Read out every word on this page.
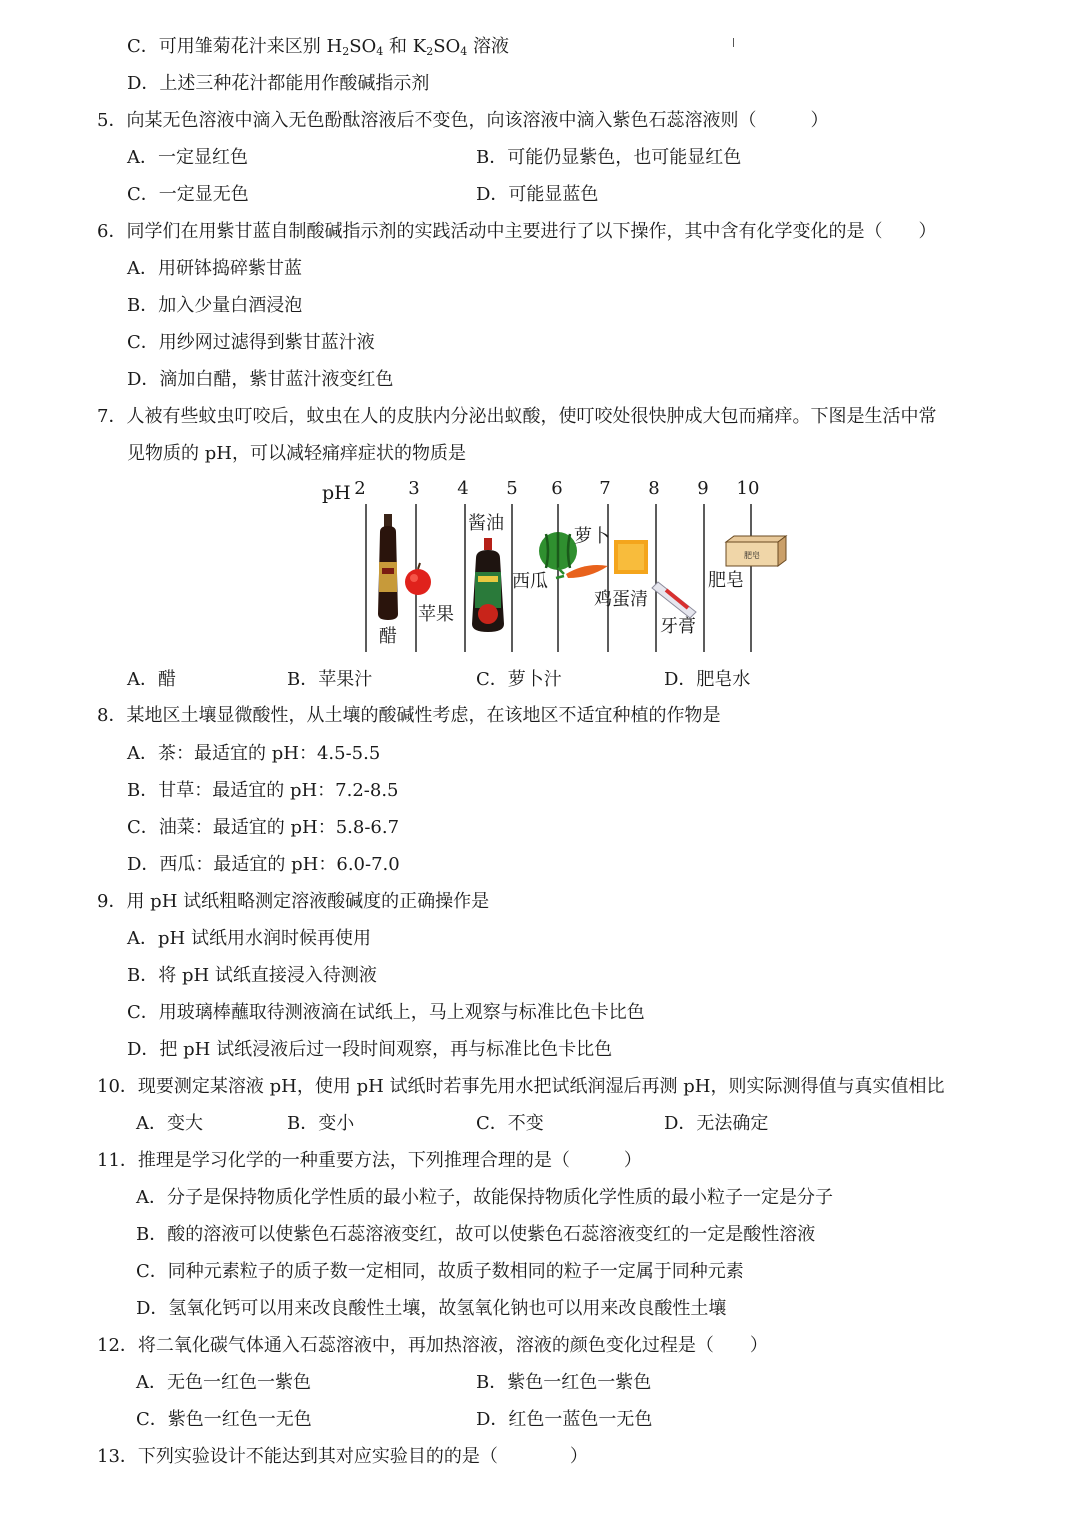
C．可用雏菊花汁来区别 $H_2SO_4$ 和 $K_2SO_4$ 溶液
D．上述三种花汁都能用作酸碱指示剂
5．向某无色溶液中滴入无色酚酞溶液后不变色，向该溶液中滴入紫色石蕊溶液则（　　　）
A．一定显红色	B．可能仍显紫色，也可能显红色
C．一定显无色	D．可能显蓝色
6．同学们在用紫甘蓝自制酸碱指示剂的实践活动中主要进行了以下操作，其中含有化学变化的是（　　）
A．用研钵捣碎紫甘蓝
B．加入少量白酒浸泡
C．用纱网过滤得到紫甘蓝汁液
D．滴加白醋，紫甘蓝汁液变红色
7．人被有些蚊虫叮咬后，蚊虫在人的皮肤内分泌出蚁酸，使叮咬处很快肿成大包而痛痒。下图是生活中常
见物质的 pH，可以减轻痛痒症状的物质是
pH 2 3 4 5 6 7 8 9 10
醋
苹果
酱油
西瓜
萝卜
鸡蛋清
牙膏
肥皂
肥皂
A．醋	B．苹果汁	C．萝卜汁	D．肥皂水
8．某地区土壤显微酸性，从土壤的酸碱性考虑，在该地区不适宜种植的作物是
A．茶：最适宜的 pH：4.5-5.5
B．甘草：最适宜的 pH：7.2-8.5
C．油菜：最适宜的 pH：5.8-6.7
D．西瓜：最适宜的 pH：6.0-7.0
9．用 pH 试纸粗略测定溶液酸碱度的正确操作是
A．pH 试纸用水润时候再使用
B．将 pH 试纸直接浸入待测液
C．用玻璃棒蘸取待测液滴在试纸上，马上观察与标准比色卡比色
D．把 pH 试纸浸液后过一段时间观察，再与标准比色卡比色
10．现要测定某溶液 pH，使用 pH 试纸时若事先用水把试纸润湿后再测 pH，则实际测得值与真实值相比
A．变大	B．变小	C．不变	D．无法确定
11．推理是学习化学的一种重要方法，下列推理合理的是（　　　）
A．分子是保持物质化学性质的最小粒子，故能保持物质化学性质的最小粒子一定是分子
B．酸的溶液可以使紫色石蕊溶液变红，故可以使紫色石蕊溶液变红的一定是酸性溶液
C．同种元素粒子的质子数一定相同，故质子数相同的粒子一定属于同种元素
D．氢氧化钙可以用来改良酸性土壤，故氢氧化钠也可以用来改良酸性土壤
12．将二氧化碳气体通入石蕊溶液中，再加热溶液，溶液的颜色变化过程是（　　）
A．无色一红色一紫色	B．紫色一红色一紫色
C．紫色一红色一无色	D．红色一蓝色一无色
13．下列实验设计不能达到其对应实验目的的是（　　　　）
